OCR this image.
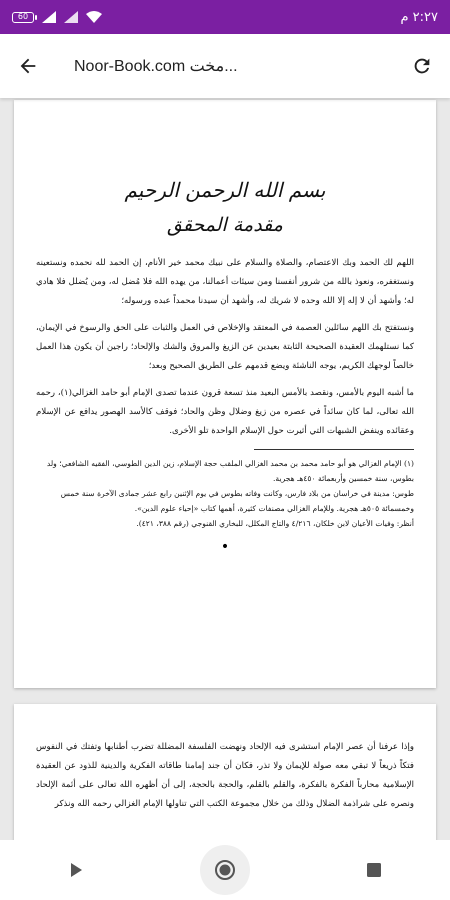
60	٢:٢٧ م
Noor-Book.com مخت...
بسم الله الرحمن الرحيم
مقدمة المحقق

اللهم لك الحمد وبك الاعتصام، والصلاة والسلام على نبيك محمد خير الأنام، إن الحمد لله نحمده ونستعينه ونستغفره، ونعوذ بالله من شرور أنفسنا ومن سيئات أعمالنا، من يهده الله فلا مُضل له، ومن يُضلل فلا هادي له؛ وأشهد أن لا إله إلا الله وحده لا شريك له، وأشهد أن سيدنا محمداً عبده ورسوله؛

ونستفتح بك اللهم سائلين العصمة في المعتقد والإخلاص في العمل والثبات على الحق والرسوخ في الإيمان، كما نستلهمك العقيدة الصحيحة الثابتة بعيدين عن الزيغ والمروق والشك والإلحاد؛ راجين أن يكون هذا العمل خالصاً لوجهك الكريم، يوجه الناشئة ويضع قدمهم على الطريق الصحيح وبعد؛

ما أشبه اليوم بالأمس، ونقصد بالأمس البعيد منذ تسعة قرون عندما تصدى الإمام أبو حامد الغزالي(١)، رحمه الله تعالى، لما كان سائداً في عصره من زيغ وضلال وظن والحاد؛ فوقف كالأسد الهصور يدافع عن الإسلام وعقائده وينفض الشبهات التي أثيرت حول الإسلام الواحدة تلو الأخرى.

(١) الإمام الغزالي هو أبو حامد محمد بن محمد الغزالي الملقب حجة الإسلام، زين الدين الطوسي، الفقيه الشافعي؛ ولد بطوس، سنة خمسين وأربعمائة ٤٥٠هـ هجرية.

طوس: مدينة في خراسان من بلاد فارس، وكانت وفاته بطوس في يوم الإثنين رابع عشر جمادى الآخرة سنة خمس وخمسمائة ٥٠٥هـ هجرية. وللإمام الغزالي مصنفات كثيرة، أهمها كتاب «إحياء علوم الدين».

أنظر: وفيات الأعيان لابن خلكان، ٤/٢١٦ والتاج المكلل، للبخاري القنوجي (رقم ٣٨٨، ٤٢١).

•

وإذا عرفنا أن عصر الإمام استشرى فيه الإلحاد ونهضت الفلسفة المضللة تضرب أطنابها وتفتك في النفوس فتكاً ذريعاً لا تبقي معه صولة للإيمان ولا تذر، فكان أن جند إمامنا طاقاته الفكرية والدينية للذود عن العقيدة الإسلامية محارباً الفكرة بالفكرة، والقلم بالقلم، والحجة بالحجة، إلى أن أظهره الله تعالى على أئمة الإلحاد ونصره على شراذمة الضلال وذلك من خلال مجموعة الكتب التي تناولها الإمام الغزالي رحمه الله ونذكر
